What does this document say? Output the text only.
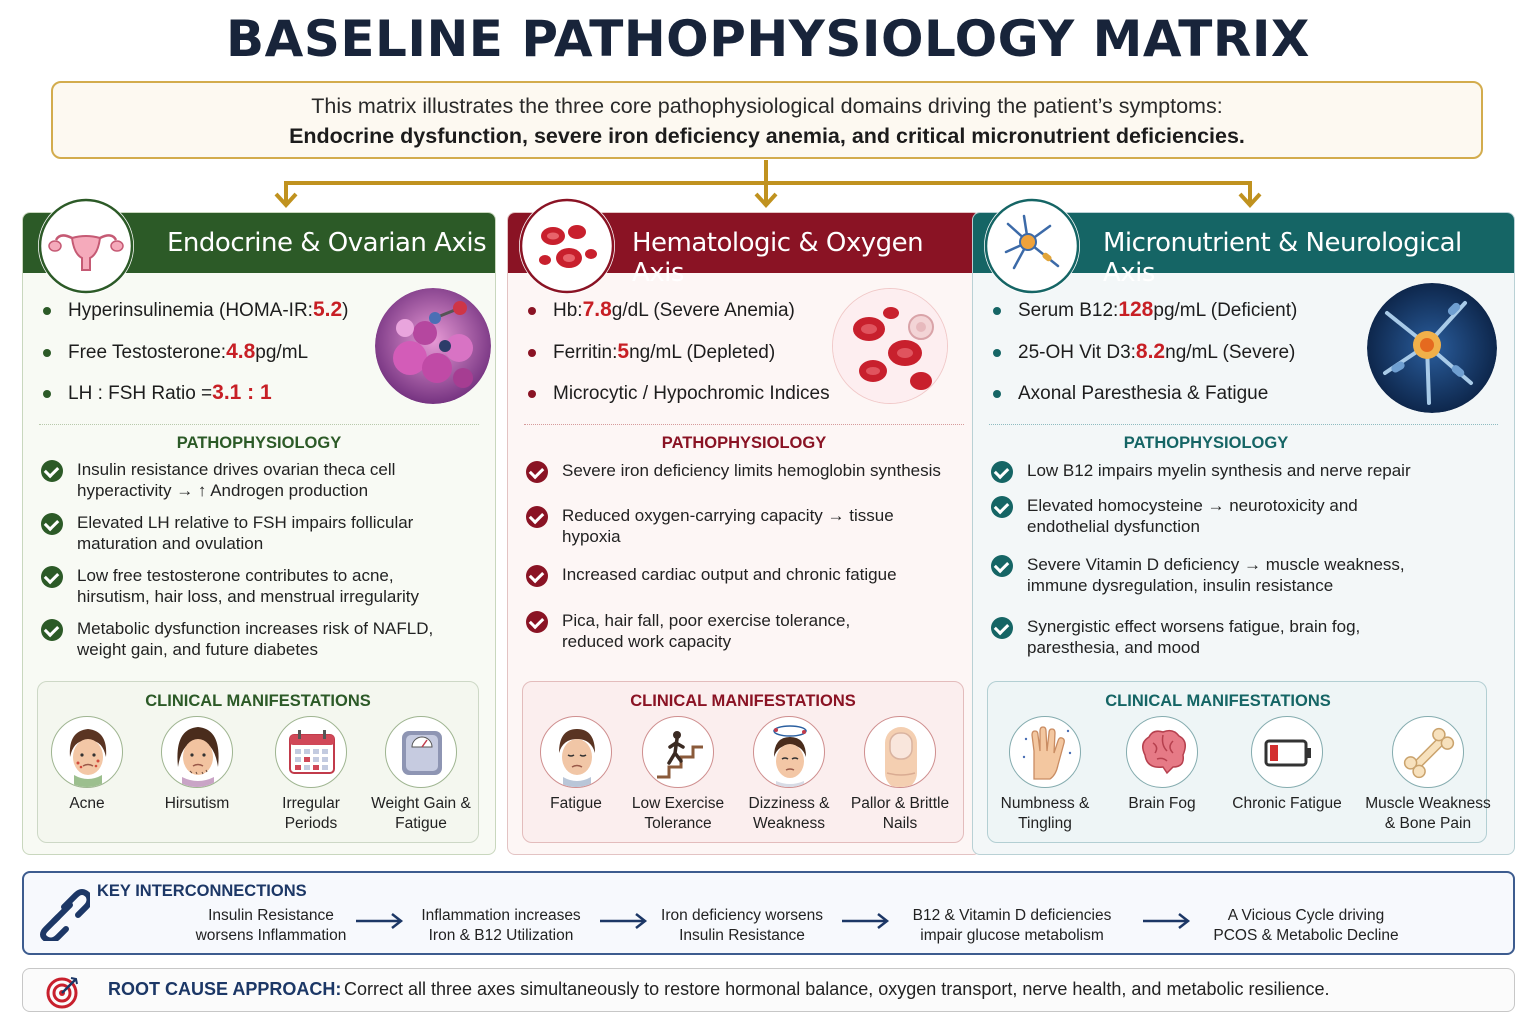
BASELINE PATHOPHYSIOLOGY MATRIX
This matrix illustrates the three core pathophysiological domains driving the patient’s symptoms:
Endocrine dysfunction, severe iron deficiency anemia, and critical micronutrient deficiencies.
Endocrine & Ovarian Axis
Hyperinsulinemia (HOMA-IR: 5.2 )
Free Testosterone: 4.8 pg/mL
LH : FSH Ratio = 3.1 : 1
PATHOPHYSIOLOGY
Insulin resistance drives ovarian theca cell hyperactivity → ↑ Androgen production
Elevated LH relative to FSH impairs follicular maturation and ovulation
Low free testosterone contributes to acne, hirsutism, hair loss, and menstrual irregularity
Metabolic dysfunction increases risk of NAFLD, weight gain, and future diabetes
CLINICAL MANIFESTATIONS
Acne	Hirsutism	Irregular Periods
Weight Gain & Fatigue
Hematologic & Oxygen Axis
Hb: 7.8 g/dL (Severe Anemia)
Ferritin: 5 ng/mL (Depleted)
Microcytic / Hypochromic Indices
PATHOPHYSIOLOGY
Severe iron deficiency limits hemoglobin synthesis
Reduced oxygen-carrying capacity → tissue hypoxia
Increased cardiac output and chronic fatigue
Pica, hair fall, poor exercise tolerance, reduced work capacity
CLINICAL MANIFESTATIONS
Fatigue	Low Exercise Tolerance
Dizziness & Weakness
Pallor & Brittle Nails
Micronutrient & Neurological Axis
Serum B12: 128 pg/mL (Deficient)
25-OH Vit D3: 8.2 ng/mL (Severe)
Axonal Paresthesia & Fatigue
PATHOPHYSIOLOGY
Low B12 impairs myelin synthesis and nerve repair
Elevated homocysteine → neurotoxicity and endothelial dysfunction
Severe Vitamin D deficiency → muscle weakness, immune dysregulation, insulin resistance
Synergistic effect worsens fatigue, brain fog, paresthesia, and mood
CLINICAL MANIFESTATIONS
Numbness & Tingling
Brain Fog	Chronic Fatigue	Muscle Weakness & Bone Pain
KEY INTERCONNECTIONS
Insulin Resistance worsens Inflammation
Inflammation increases Iron & B12 Utilization
Iron deficiency worsens Insulin Resistance
B12 & Vitamin D deficiencies impair glucose metabolism
A Vicious Cycle driving PCOS & Metabolic Decline
ROOT CAUSE APPROACH: Correct all three axes simultaneously to restore hormonal balance, oxygen transport, nerve health, and metabolic resilience.
